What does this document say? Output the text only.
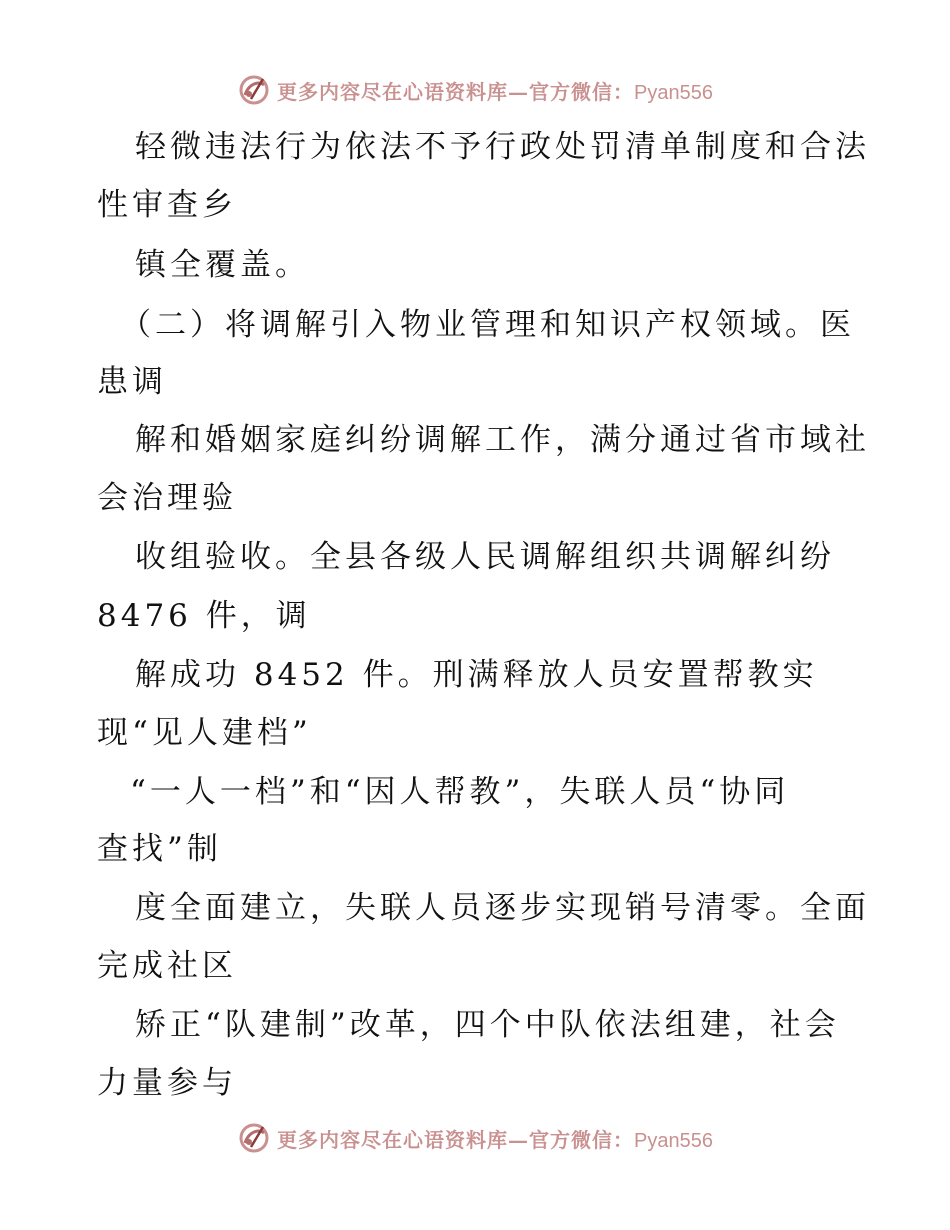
更多内容尽在心语资料库—官方微信：Pyan556
轻微违法行为依法不予行政处罚清单制度和合法
性审查乡
镇全覆盖。
（二）将调解引入物业管理和知识产权领域。医
患调
解和婚姻家庭纠纷调解工作，满分通过省市域社
会治理验
收组验收。全县各级人民调解组织共调解纠纷
8476 件，调
解成功 8452 件。刑满释放人员安置帮教实
现“见人建档”
“一人一档”和“因人帮教”，失联人员“协同
查找”制
度全面建立，失联人员逐步实现销号清零。全面
完成社区
矫正“队建制”改革，四个中队依法组建，社会
力量参与
更多内容尽在心语资料库—官方微信：Pyan556
